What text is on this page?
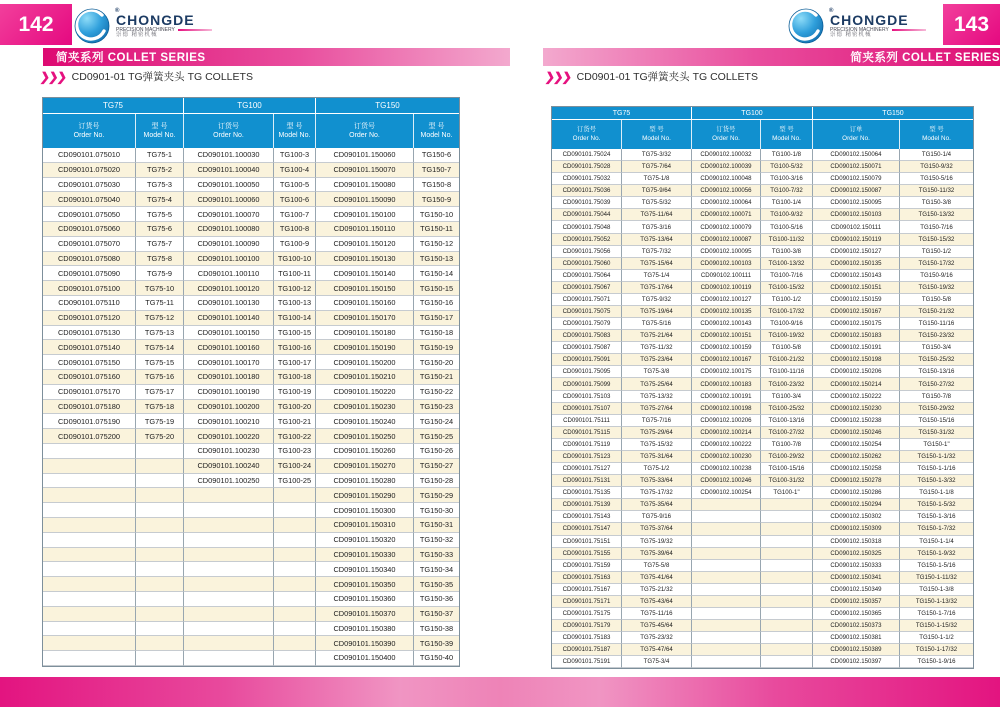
142	143
®
CHONGDE
PRECISION MACHINERY
崇德 精密机械
®
CHONGDE
PRECISION MACHINERY
崇德 精密机械
简夹系列 COLLET SERIES	简夹系列 COLLET SERIES
❯❯❯ CD0901-01 TG弹簧夹头 TG COLLETS	❯❯❯ CD0901-01 TG弹簧夹头 TG COLLETS
TG75	TG100	TG150
订货号
Order No.
型 号
Model No.
订货号
Order No.
型 号
Model No.
订货号
Order No.
型 号
Model No.
CD090101.075010	TG75-1	CD090101.100030	TG100-3	CD090101.150060	TG150-6
CD090101.075020	TG75-2	CD090101.100040	TG100-4	CD090101.150070	TG150-7
CD090101.075030	TG75-3	CD090101.100050	TG100-5	CD090101.150080	TG150-8
CD090101.075040	TG75-4	CD090101.100060	TG100-6	CD090101.150090	TG150-9
CD090101.075050	TG75-5	CD090101.100070	TG100-7	CD090101.150100	TG150-10
CD090101.075060	TG75-6	CD090101.100080	TG100-8	CD090101.150110	TG150-11
CD090101.075070	TG75-7	CD090101.100090	TG100-9	CD090101.150120	TG150-12
CD090101.075080	TG75-8	CD090101.100100	TG100-10	CD090101.150130	TG150-13
CD090101.075090	TG75-9	CD090101.100110	TG100-11	CD090101.150140	TG150-14
CD090101.075100	TG75-10	CD090101.100120	TG100-12	CD090101.150150	TG150-15
CD090101.075110	TG75-11	CD090101.100130	TG100-13	CD090101.150160	TG150-16
CD090101.075120	TG75-12	CD090101.100140	TG100-14	CD090101.150170	TG150-17
CD090101.075130	TG75-13	CD090101.100150	TG100-15	CD090101.150180	TG150-18
CD090101.075140	TG75-14	CD090101.100160	TG100-16	CD090101.150190	TG150-19
CD090101.075150	TG75-15	CD090101.100170	TG100-17	CD090101.150200	TG150-20
CD090101.075160	TG75-16	CD090101.100180	TG100-18	CD090101.150210	TG150-21
CD090101.075170	TG75-17	CD090101.100190	TG100-19	CD090101.150220	TG150-22
CD090101.075180	TG75-18	CD090101.100200	TG100-20	CD090101.150230	TG150-23
CD090101.075190	TG75-19	CD090101.100210	TG100-21	CD090101.150240	TG150-24
CD090101.075200	TG75-20	CD090101.100220	TG100-22	CD090101.150250	TG150-25
CD090101.100230	TG100-23	CD090101.150260	TG150-26
CD090101.100240	TG100-24	CD090101.150270	TG150-27
CD090101.100250	TG100-25	CD090101.150280	TG150-28
CD090101.150290	TG150-29
CD090101.150300	TG150-30
CD090101.150310	TG150-31
CD090101.150320	TG150-32
CD090101.150330	TG150-33
CD090101.150340	TG150-34
CD090101.150350	TG150-35
CD090101.150360	TG150-36
CD090101.150370	TG150-37
CD090101.150380	TG150-38
CD090101.150390	TG150-39
CD090101.150400	TG150-40
TG75	TG100	TG150
订货号
Order No.
型 号
Model No.
订货号
Order No.
型 号
Model No.
订单
Order No.
型 号
Model No.
CD090101.75024	TG75-3/32	CD090102.100032	TG100-1/8	CD090102.150064	TG150-1/4
CD090101.75028	TG75-7/64	CD090102.100039	TG100-5/32	CD090102.150071	TG150-9/32
CD090101.75032	TG75-1/8	CD090102.100048	TG100-3/16	CD090102.150079	TG150-5/16
CD090101.75036	TG75-9/64	CD090102.100056	TG100-7/32	CD090102.150087	TG150-11/32
CD090101.75039	TG75-5/32	CD090102.100064	TG100-1/4	CD090102.150095	TG150-3/8
CD090101.75044	TG75-11/64	CD090102.100071	TG100-9/32	CD090102.150103	TG150-13/32
CD090101.75048	TG75-3/16	CD090102.100079	TG100-5/16	CD090102.150111	TG150-7/16
CD090101.75052	TG75-13/64	CD090102.100087	TG100-11/32	CD090102.150119	TG150-15/32
CD090101.75056	TG75-7/32	CD090102.100095	TG100-3/8	CD090102.150127	TG150-1/2
CD090101.75060	TG75-15/64	CD090102.100103	TG100-13/32	CD090102.150135	TG150-17/32
CD090101.75064	TG75-1/4	CD090102.100111	TG100-7/16	CD090102.150143	TG150-9/16
CD090101.75067	TG75-17/64	CD090102.100119	TG100-15/32	CD090102.150151	TG150-19/32
CD090101.75071	TG75-9/32	CD090102.100127	TG100-1/2	CD090102.150159	TG150-5/8
CD090101.75075	TG75-19/64	CD090102.100135	TG100-17/32	CD090102.150167	TG150-21/32
CD090101.75079	TG75-5/16	CD090102.100143	TG100-9/16	CD090102.150175	TG150-11/16
CD090101.75083	TG75-21/64	CD090102.100151	TG100-19/32	CD090102.150183	TG150-23/32
CD090101.75087	TG75-11/32	CD090102.100159	TG100-5/8	CD090102.150191	TG150-3/4
CD090101.75091	TG75-23/64	CD090102.100167	TG100-21/32	CD090102.150198	TG150-25/32
CD090101.75095	TG75-3/8	CD090102.100175	TG100-11/16	CD090102.150206	TG150-13/16
CD090101.75099	TG75-25/64	CD090102.100183	TG100-23/32	CD090102.150214	TG150-27/32
CD090101.75103	TG75-13/32	CD090102.100191	TG100-3/4	CD090102.150222	TG150-7/8
CD090101.75107	TG75-27/64	CD090102.100198	TG100-25/32	CD090102.150230	TG150-29/32
CD090101.75111	TG75-7/16	CD090102.100206	TG100-13/16	CD090102.150238	TG150-15/16
CD090101.75115	TG75-29/64	CD090102.100214	TG100-27/32	CD090102.150246	TG150-31/32
CD090101.75119	TG75-15/32	CD090102.100222	TG100-7/8	CD090102.150254	TG150-1"
CD090101.75123	TG75-31/64	CD090102.100230	TG100-29/32	CD090102.150262	TG150-1-1/32
CD090101.75127	TG75-1/2	CD090102.100238	TG100-15/16	CD090102.150258	TG150-1-1/16
CD090101.75131	TG75-33/64	CD090102.100246	TG100-31/32	CD090102.150278	TG150-1-3/32
CD090101.75135	TG75-17/32	CD090102.100254	TG100-1"	CD090102.150286	TG150-1-1/8
CD090101.75139	TG75-35/64	CD090102.150294	TG150-1-5/32
CD090101.75143	TG75-9/16	CD090102.150302	TG150-1-3/16
CD090101.75147	TG75-37/64	CD090102.150309	TG150-1-7/32
CD090101.75151	TG75-19/32	CD090102.150318	TG150-1-1/4
CD090101.75155	TG75-39/64	CD090102.150325	TG150-1-9/32
CD090101.75159	TG75-5/8	CD090102.150333	TG150-1-5/16
CD090101.75163	TG75-41/64	CD090102.150341	TG150-1-11/32
CD090101.75167	TG75-21/32	CD090102.150349	TG150-1-3/8
CD090101.75171	TG75-43/64	CD090102.150357	TG150-1-13/32
CD090101.75175	TG75-11/16	CD090102.150365	TG150-1-7/16
CD090101.75179	TG75-45/64	CD090102.150373	TG150-1-15/32
CD090101.75183	TG75-23/32	CD090102.150381	TG150-1-1/2
CD090101.75187	TG75-47/64	CD090102.150389	TG150-1-17/32
CD090101.75191	TG75-3/4	CD090102.150397	TG150-1-9/16
